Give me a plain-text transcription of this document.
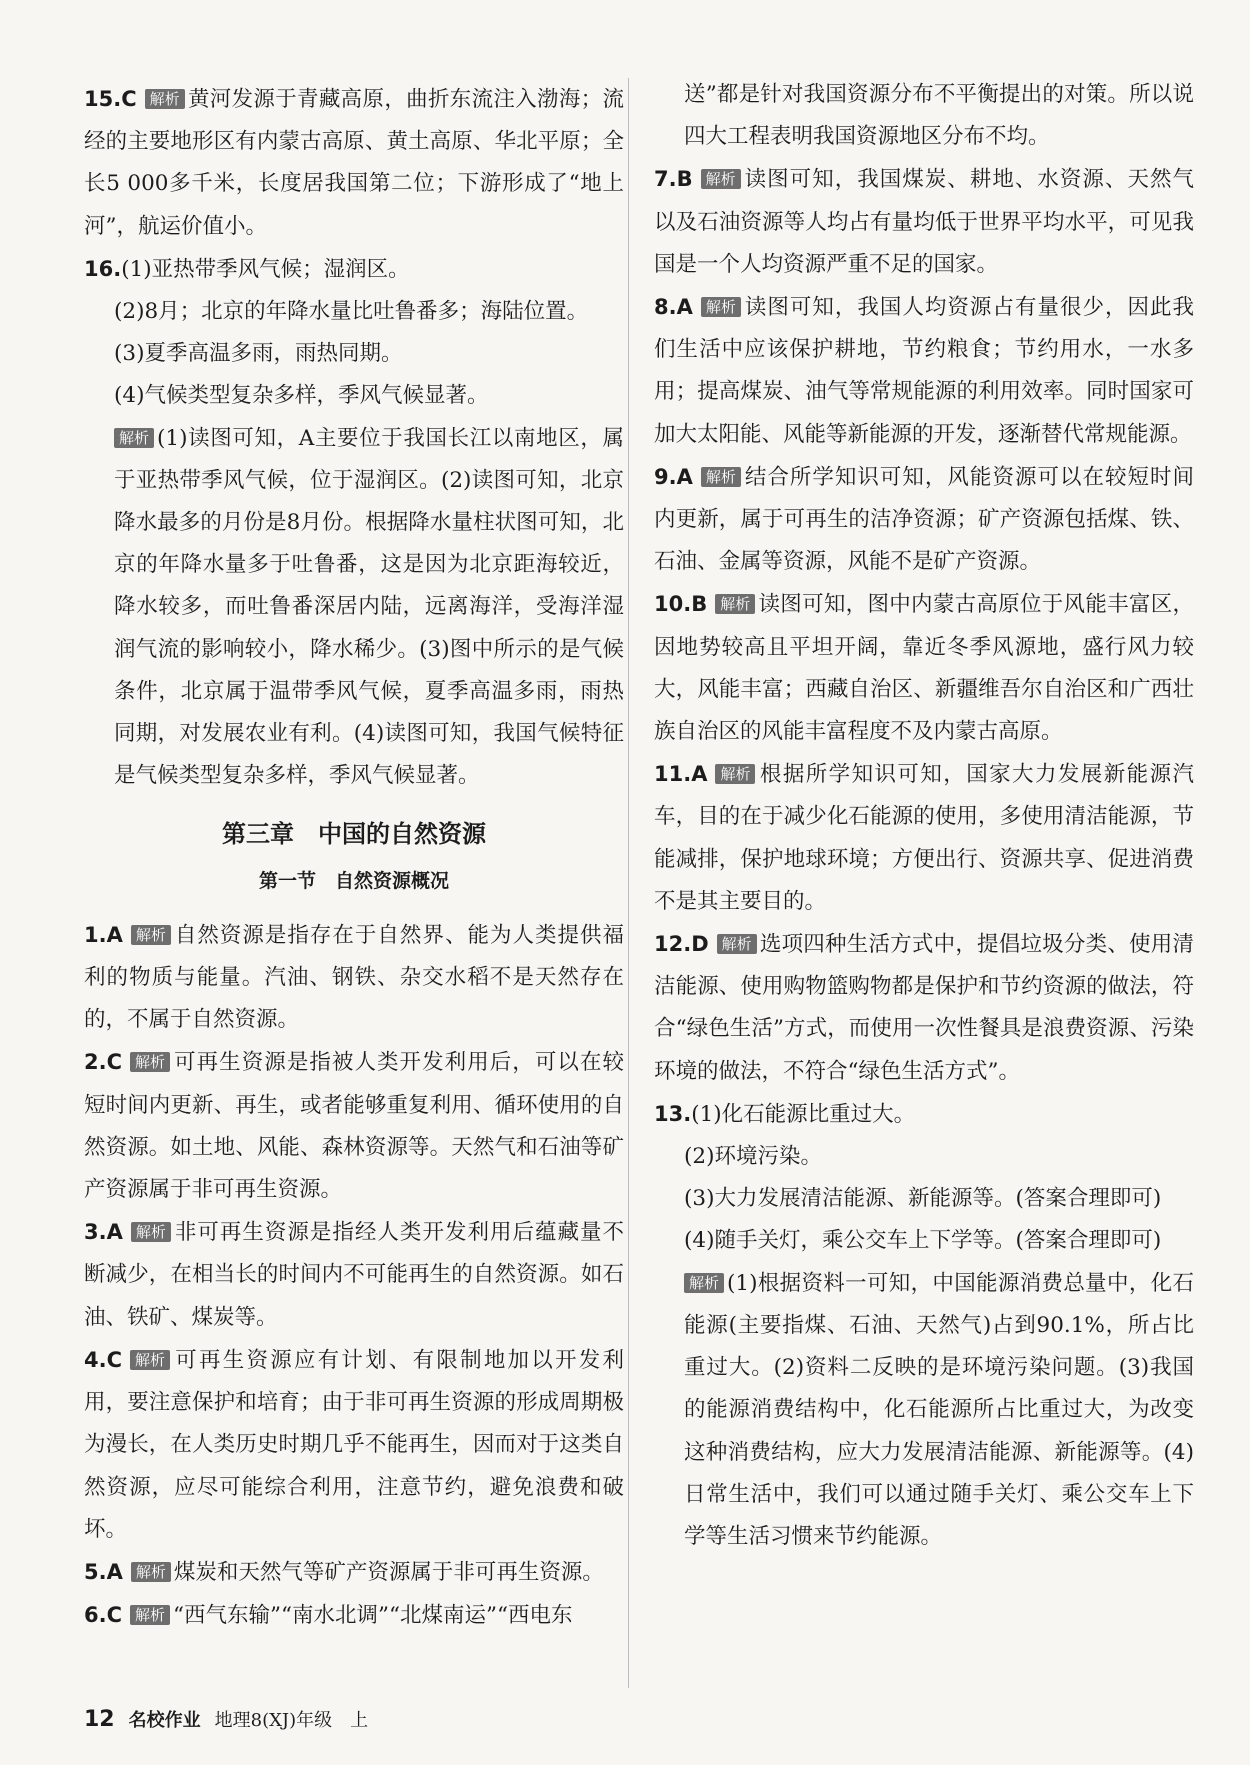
15.C 解析 黄河发源于青藏高原，曲折东流注入渤海；流经的主要地形区有内蒙古高原、黄土高原、华北平原；全长5 000多千米，长度居我国第二位；下游形成了“地上河”，航运价值小。

16.(1)亚热带季风气候；湿润区。

(2)8月；北京的年降水量比吐鲁番多；海陆位置。

(3)夏季高温多雨，雨热同期。

(4)气候类型复杂多样，季风气候显著。

解析 (1)读图可知，A主要位于我国长江以南地区，属于亚热带季风气候，位于湿润区。(2)读图可知，北京降水最多的月份是8月份。根据降水量柱状图可知，北京的年降水量多于吐鲁番，这是因为北京距海较近，降水较多，而吐鲁番深居内陆，远离海洋，受海洋湿润气流的影响较小，降水稀少。(3)图中所示的是气候条件，北京属于温带季风气候，夏季高温多雨，雨热同期，对发展农业有利。(4)读图可知，我国气候特征是气候类型复杂多样，季风气候显著。

第三章　中国的自然资源
第一节　自然资源概况

1.A 解析 自然资源是指存在于自然界、能为人类提供福利的物质与能量。汽油、钢铁、杂交水稻不是天然存在的，不属于自然资源。

2.C 解析 可再生资源是指被人类开发利用后，可以在较短时间内更新、再生，或者能够重复利用、循环使用的自然资源。如土地、风能、森林资源等。天然气和石油等矿产资源属于非可再生资源。

3.A 解析 非可再生资源是指经人类开发利用后蕴藏量不断减少，在相当长的时间内不可能再生的自然资源。如石油、铁矿、煤炭等。

4.C 解析 可再生资源应有计划、有限制地加以开发利用，要注意保护和培育；由于非可再生资源的形成周期极为漫长，在人类历史时期几乎不能再生，因而对于这类自然资源，应尽可能综合利用，注意节约，避免浪费和破坏。

5.A 解析 煤炭和天然气等矿产资源属于非可再生资源。

6.C 解析 “西气东输”“南水北调”“北煤南运”“西电东

送”都是针对我国资源分布不平衡提出的对策。所以说四大工程表明我国资源地区分布不均。

7.B 解析 读图可知，我国煤炭、耕地、水资源、天然气以及石油资源等人均占有量均低于世界平均水平，可见我国是一个人均资源严重不足的国家。

8.A 解析 读图可知，我国人均资源占有量很少，因此我们生活中应该保护耕地，节约粮食；节约用水，一水多用；提高煤炭、油气等常规能源的利用效率。同时国家可加大太阳能、风能等新能源的开发，逐渐替代常规能源。

9.A 解析 结合所学知识可知，风能资源可以在较短时间内更新，属于可再生的洁净资源；矿产资源包括煤、铁、石油、金属等资源，风能不是矿产资源。

10.B 解析 读图可知，图中内蒙古高原位于风能丰富区，因地势较高且平坦开阔，靠近冬季风源地，盛行风力较大，风能丰富；西藏自治区、新疆维吾尔自治区和广西壮族自治区的风能丰富程度不及内蒙古高原。

11.A 解析 根据所学知识可知，国家大力发展新能源汽车，目的在于减少化石能源的使用，多使用清洁能源，节能减排，保护地球环境；方便出行、资源共享、促进消费不是其主要目的。

12.D 解析 选项四种生活方式中，提倡垃圾分类、使用清洁能源、使用购物篮购物都是保护和节约资源的做法，符合“绿色生活”方式，而使用一次性餐具是浪费资源、污染环境的做法，不符合“绿色生活方式”。

13.(1)化石能源比重过大。

(2)环境污染。

(3)大力发展清洁能源、新能源等。(答案合理即可)

(4)随手关灯，乘公交车上下学等。(答案合理即可)

解析 (1)根据资料一可知，中国能源消费总量中，化石能源(主要指煤、石油、天然气)占到90.1%，所占比重过大。(2)资料二反映的是环境污染问题。(3)我国的能源消费结构中，化石能源所占比重过大，为改变这种消费结构，应大力发展清洁能源、新能源等。(4)日常生活中，我们可以通过随手关灯、乘公交车上下学等生活习惯来节约能源。

12 名校作业 地理8(XJ)年级　上
